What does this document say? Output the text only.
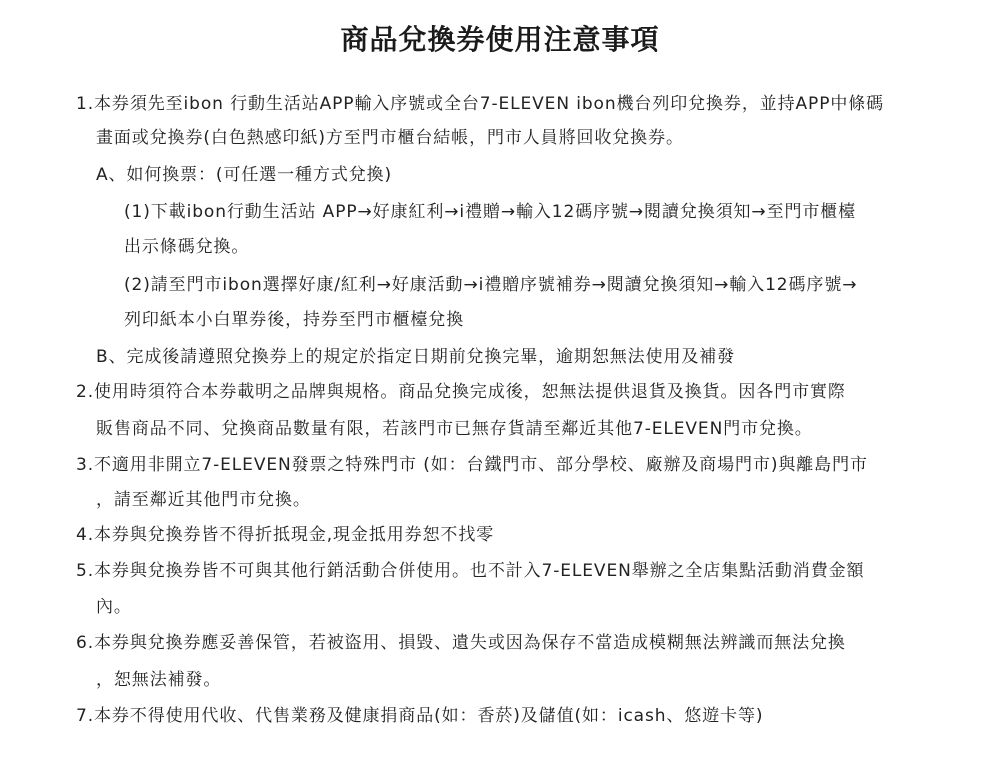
商品兌換券使用注意事項
1.本券須先至ibon 行動生活站APP輸入序號或全台7-ELEVEN ibon機台列印兌換券，並持APP中條碼
畫面或兌換券(白色熱感印紙)方至門市櫃台結帳，門市人員將回收兌換券。
A、如何換票：(可任選一種方式兌換)
(1)下載ibon行動生活站 APP→好康紅利→i禮贈→輸入12碼序號→閱讀兌換須知→至門市櫃檯
出示條碼兌換。
(2)請至門市ibon選擇好康/紅利→好康活動→i禮贈序號補券→閱讀兌換須知→輸入12碼序號→
列印紙本小白單券後，持券至門市櫃檯兌換
B、完成後請遵照兌換券上的規定於指定日期前兌換完畢，逾期恕無法使用及補發
2.使用時須符合本券載明之品牌與規格。商品兌換完成後，恕無法提供退貨及換貨。因各門市實際
販售商品不同、兌換商品數量有限，若該門市已無存貨請至鄰近其他7-ELEVEN門市兌換。
3.不適用非開立7-ELEVEN發票之特殊門市 (如：台鐵門市、部分學校、廠辦及商場門市)與離島門市
，請至鄰近其他門市兌換。
4.本券與兌換券皆不得折抵現金,現金抵用券恕不找零
5.本券與兌換券皆不可與其他行銷活動合併使用。也不計入7-ELEVEN舉辦之全店集點活動消費金額
內。
6.本券與兌換券應妥善保管，若被盜用、損毀、遺失或因為保存不當造成模糊無法辨識而無法兌換
，恕無法補發。
7.本券不得使用代收、代售業務及健康捐商品(如：香菸)及儲值(如：icash、悠遊卡等)
